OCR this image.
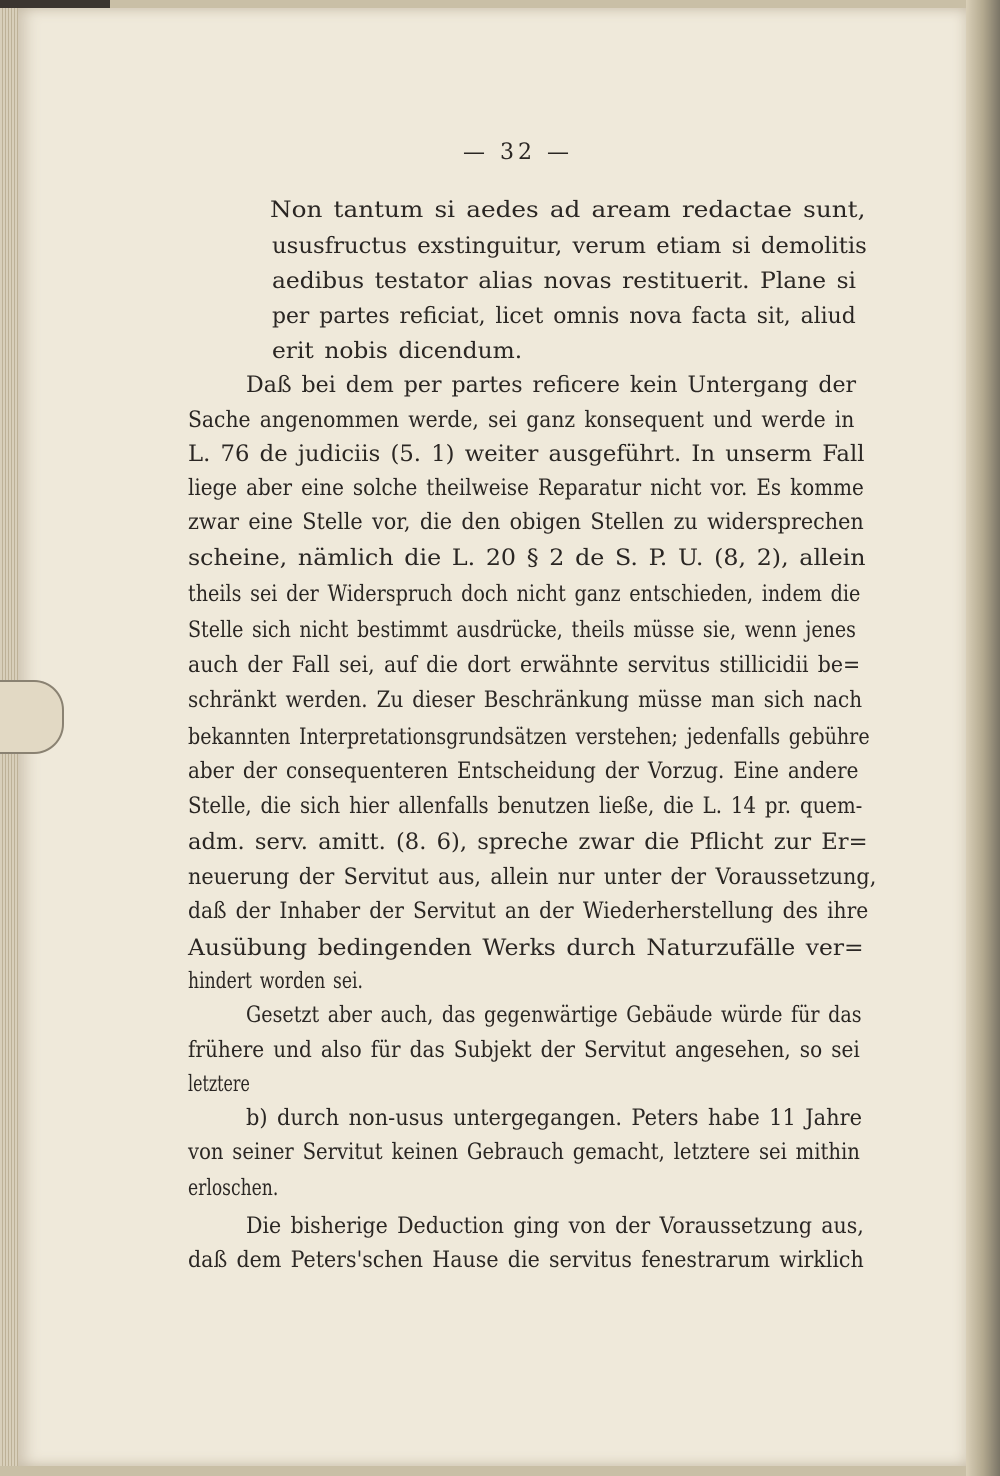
— 32 —
Non tantum si aedes ad aream redactae sunt,
ususfructus exstinguitur, verum etiam si demolitis
aedibus testator alias novas restituerit. Plane si
per partes reficiat, licet omnis nova facta sit, aliud
erit nobis dicendum.
Daß bei dem per partes reficere kein Untergang der
Sache angenommen werde, sei ganz konsequent und werde in
L. 76 de judiciis (5. 1) weiter ausgeführt. In unserm Fall
liege aber eine solche theilweise Reparatur nicht vor. Es komme
zwar eine Stelle vor, die den obigen Stellen zu widersprechen
scheine, nämlich die L. 20 § 2 de S. P. U. (8, 2), allein
theils sei der Widerspruch doch nicht ganz entschieden, indem die
Stelle sich nicht bestimmt ausdrücke, theils müsse sie, wenn jenes
auch der Fall sei, auf die dort erwähnte servitus stillicidii be=
schränkt werden. Zu dieser Beschränkung müsse man sich nach
bekannten Interpretationsgrundsätzen verstehen; jedenfalls gebühre
aber der consequenteren Entscheidung der Vorzug. Eine andere
Stelle, die sich hier allenfalls benutzen ließe, die L. 14 pr. quem-
adm. serv. amitt. (8. 6), spreche zwar die Pflicht zur Er=
neuerung der Servitut aus, allein nur unter der Voraussetzung,
daß der Inhaber der Servitut an der Wiederherstellung des ihre
Ausübung bedingenden Werks durch Naturzufälle ver=
hindert worden sei.
Gesetzt aber auch, das gegenwärtige Gebäude würde für das
frühere und also für das Subjekt der Servitut angesehen, so sei
letztere
b) durch non-usus untergegangen. Peters habe 11 Jahre
von seiner Servitut keinen Gebrauch gemacht, letztere sei mithin
erloschen.
Die bisherige Deduction ging von der Voraussetzung aus,
daß dem Peters'schen Hause die servitus fenestrarum wirklich
